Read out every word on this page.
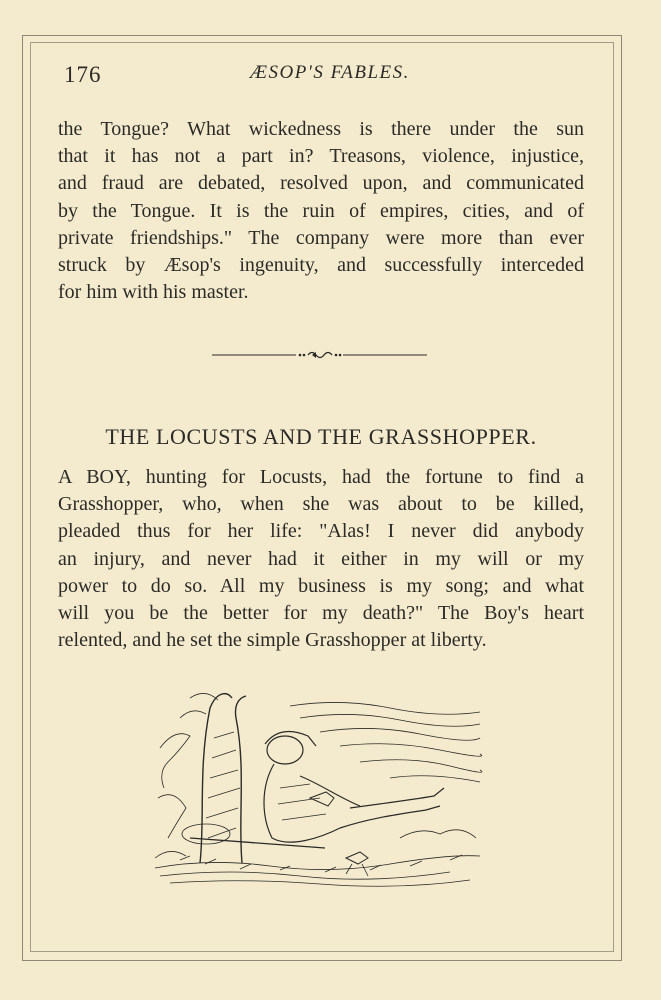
176	ÆSOP'S FABLES.
the Tongue? What wickedness is there under the sun
that it has not a part in? Treasons, violence, injustice,
and fraud are debated, resolved upon, and communicated
by the Tongue. It is the ruin of empires, cities, and of
private friendships." The company were more than ever
struck by Æsop's ingenuity, and successfully interceded
for him with his master.
THE LOCUSTS AND THE GRASSHOPPER.
A BOY, hunting for Locusts, had the fortune to find a
Grasshopper, who, when she was about to be killed,
pleaded thus for her life: "Alas! I never did anybody
an injury, and never had it either in my will or my
power to do so. All my business is my song; and what
will you be the better for my death?" The Boy's heart
relented, and he set the simple Grasshopper at liberty.
